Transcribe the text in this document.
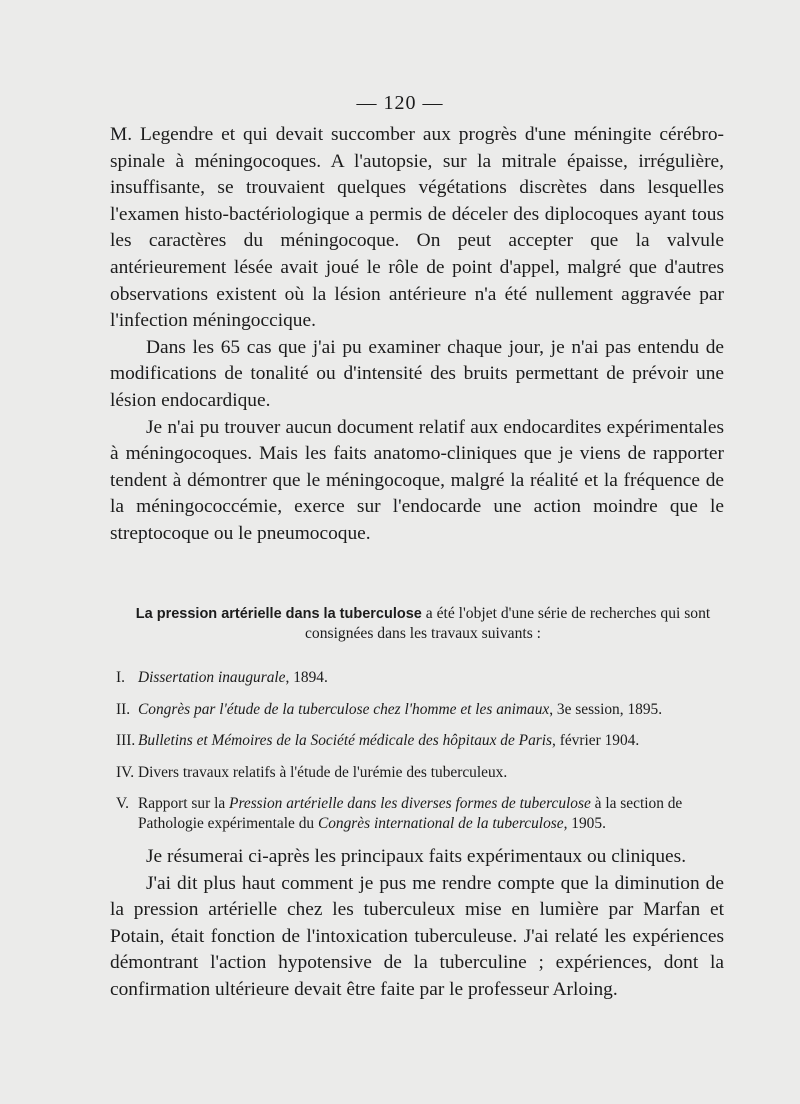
— 120 —

M. Legendre et qui devait succomber aux progrès d'une méningite cérébro-spinale à méningocoques. A l'autopsie, sur la mitrale épaisse, irrégulière, insuffisante, se trouvaient quelques végétations discrètes dans lesquelles l'examen histo-bactériologique a permis de déceler des diplocoques ayant tous les caractères du méningocoque. On peut accepter que la valvule antérieurement lésée avait joué le rôle de point d'appel, malgré que d'autres observations existent où la lésion antérieure n'a été nullement aggravée par l'infection méningoccique.

Dans les 65 cas que j'ai pu examiner chaque jour, je n'ai pas entendu de modifications de tonalité ou d'intensité des bruits permettant de prévoir une lésion endocardique.

Je n'ai pu trouver aucun document relatif aux endocardites expérimentales à méningocoques. Mais les faits anatomo-cliniques que je viens de rapporter tendent à démontrer que le méningocoque, malgré la réalité et la fréquence de la méningococcémie, exerce sur l'endocarde une action moindre que le streptocoque ou le pneumocoque.

La pression artérielle dans la tuberculose a été l'objet d'une série de recherches qui sont consignées dans les travaux suivants :
I. Dissertation inaugurale, 1894.
II. Congrès par l'étude de la tuberculose chez l'homme et les animaux, 3e session, 1895.
III. Bulletins et Mémoires de la Société médicale des hôpitaux de Paris, février 1904.
IV. Divers travaux relatifs à l'étude de l'urémie des tuberculeux.
V. Rapport sur la Pression artérielle dans les diverses formes de tuberculose à la section de Pathologie expérimentale du Congrès international de la tuberculose, 1905.

Je résumerai ci-après les principaux faits expérimentaux ou cliniques.

J'ai dit plus haut comment je pus me rendre compte que la diminution de la pression artérielle chez les tuberculeux mise en lumière par Marfan et Potain, était fonction de l'intoxication tuberculeuse. J'ai relaté les expériences démontrant l'action hypotensive de la tuberculine ; expériences, dont la confirmation ultérieure devait être faite par le professeur Arloing.
